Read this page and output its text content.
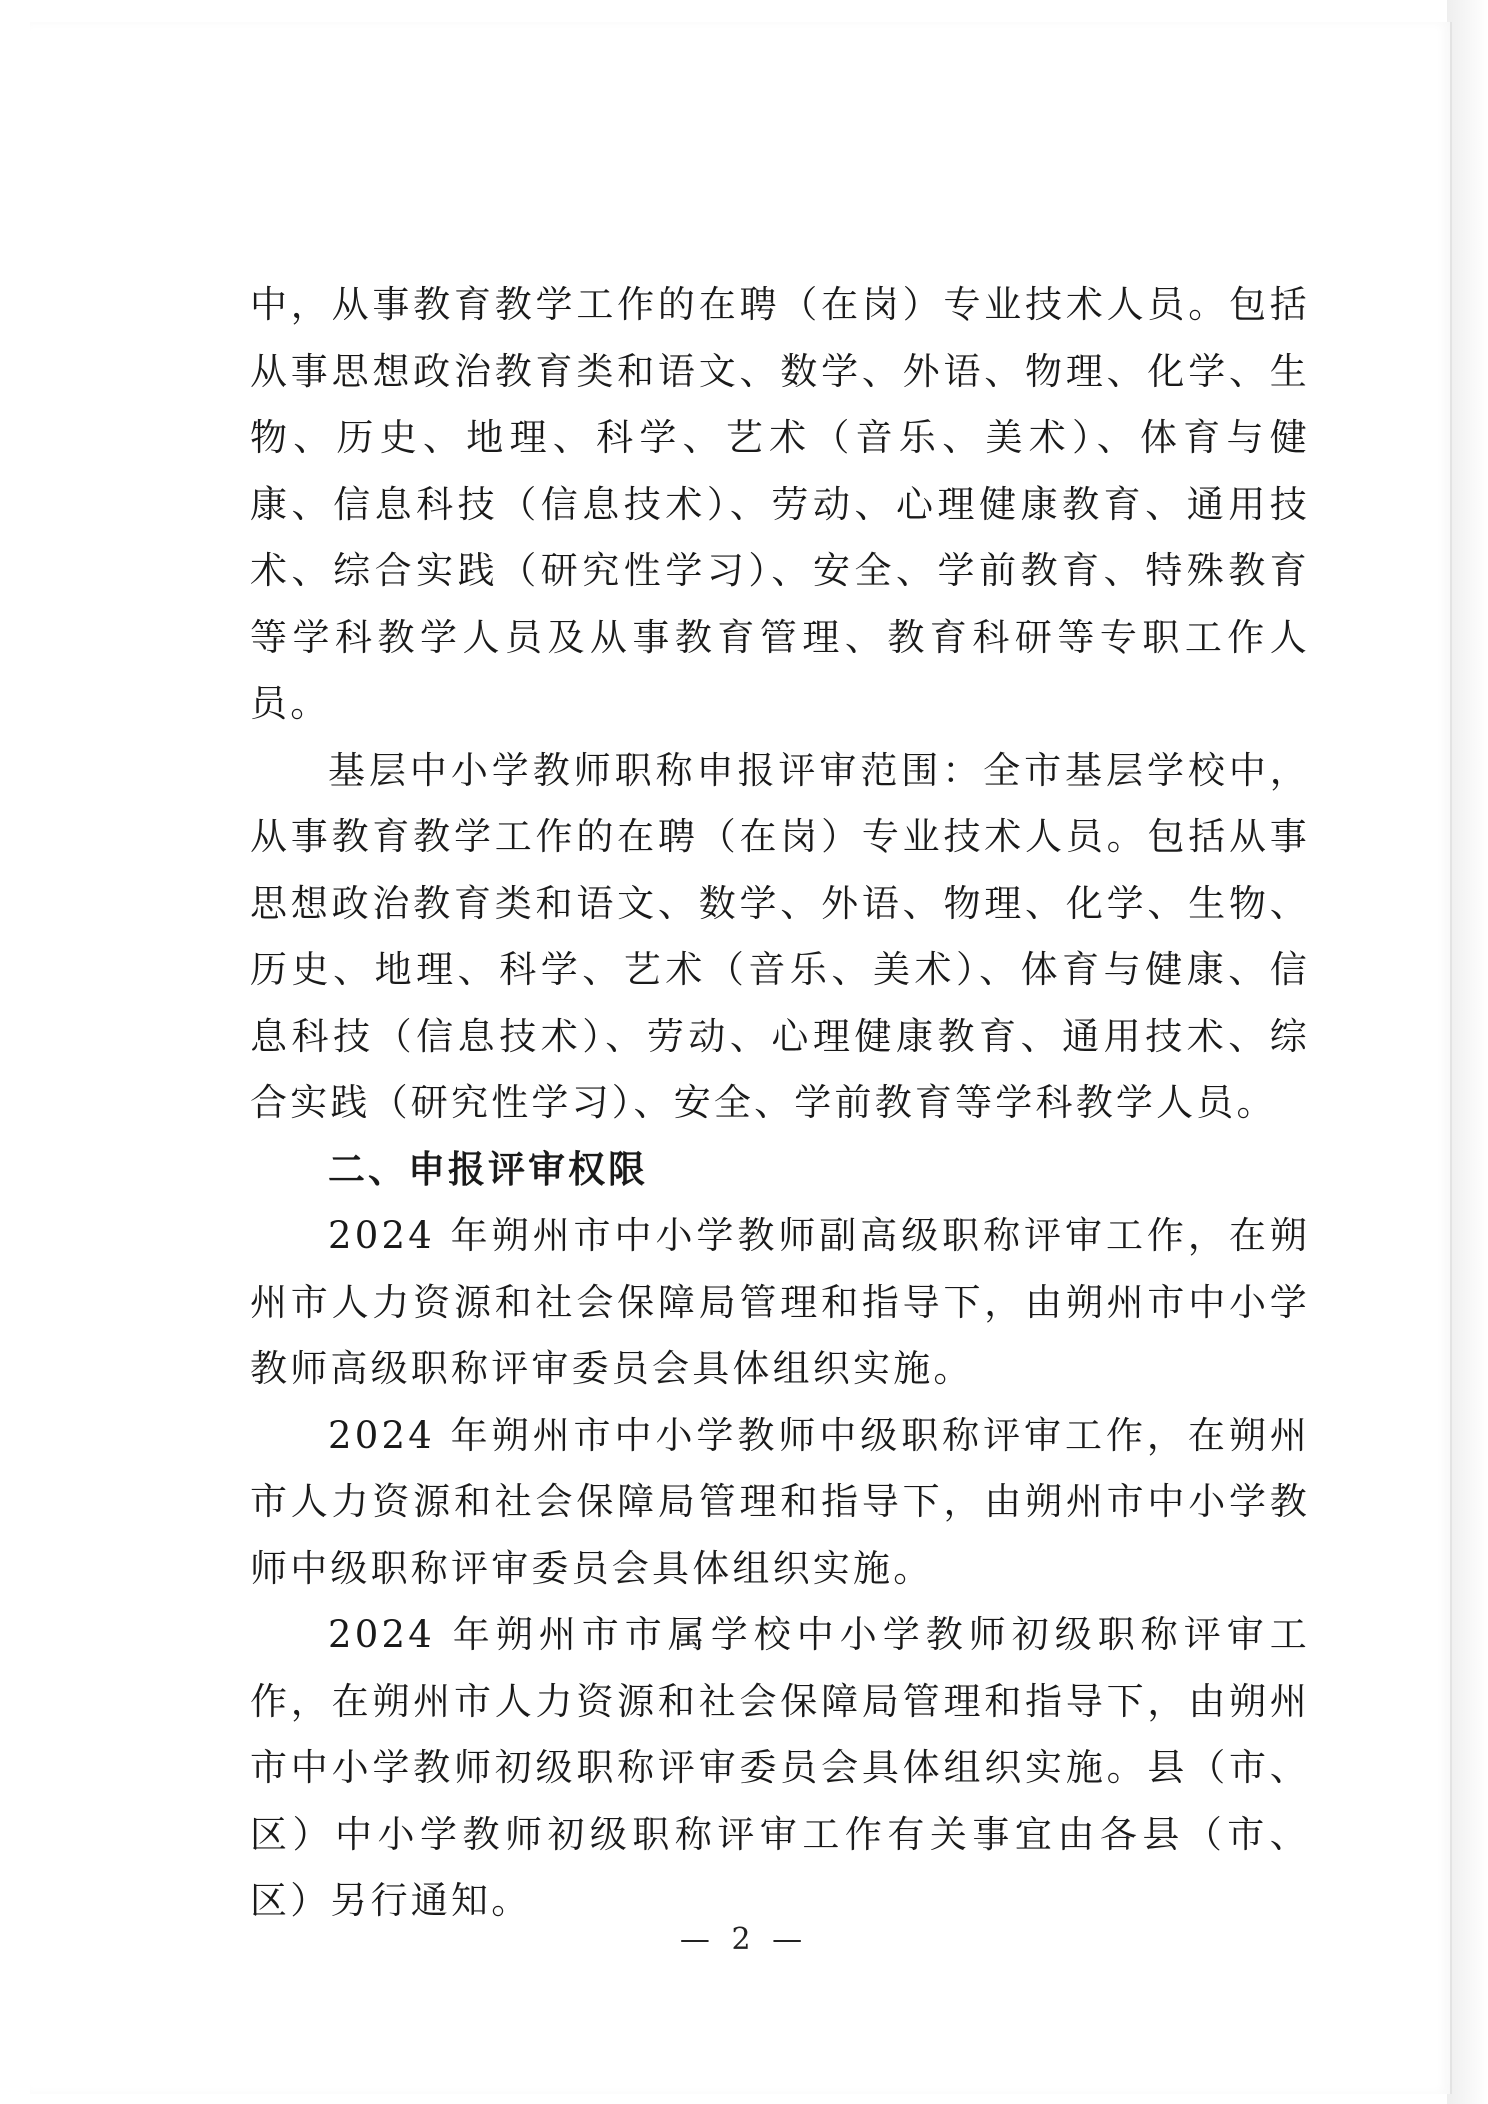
中，从事教育教学工作的在聘（在岗）专业技术人员。包括从事思想政治教育类和语文、数学、外语、物理、化学、生物、历史、地理、科学、艺术（音乐、美术）、体育与健康、信息科技（信息技术）、劳动、心理健康教育、通用技术、综合实践（研究性学习）、安全、学前教育、特殊教育等学科教学人员及从事教育管理、教育科研等专职工作人员。

基层中小学教师职称申报评审范围：全市基层学校中，从事教育教学工作的在聘（在岗）专业技术人员。包括从事思想政治教育类和语文、数学、外语、物理、化学、生物、历史、地理、科学、艺术（音乐、美术）、体育与健康、信息科技（信息技术）、劳动、心理健康教育、通用技术、综合实践（研究性学习）、安全、学前教育等学科教学人员。

二、申报评审权限

2024 年朔州市中小学教师副高级职称评审工作，在朔州市人力资源和社会保障局管理和指导下，由朔州市中小学教师高级职称评审委员会具体组织实施。

2024 年朔州市中小学教师中级职称评审工作，在朔州市人力资源和社会保障局管理和指导下，由朔州市中小学教师中级职称评审委员会具体组织实施。

2024 年朔州市市属学校中小学教师初级职称评审工作，在朔州市人力资源和社会保障局管理和指导下，由朔州市中小学教师初级职称评审委员会具体组织实施。县（市、区）中小学教师初级职称评审工作有关事宜由各县（市、区）另行通知。

— 2 —
